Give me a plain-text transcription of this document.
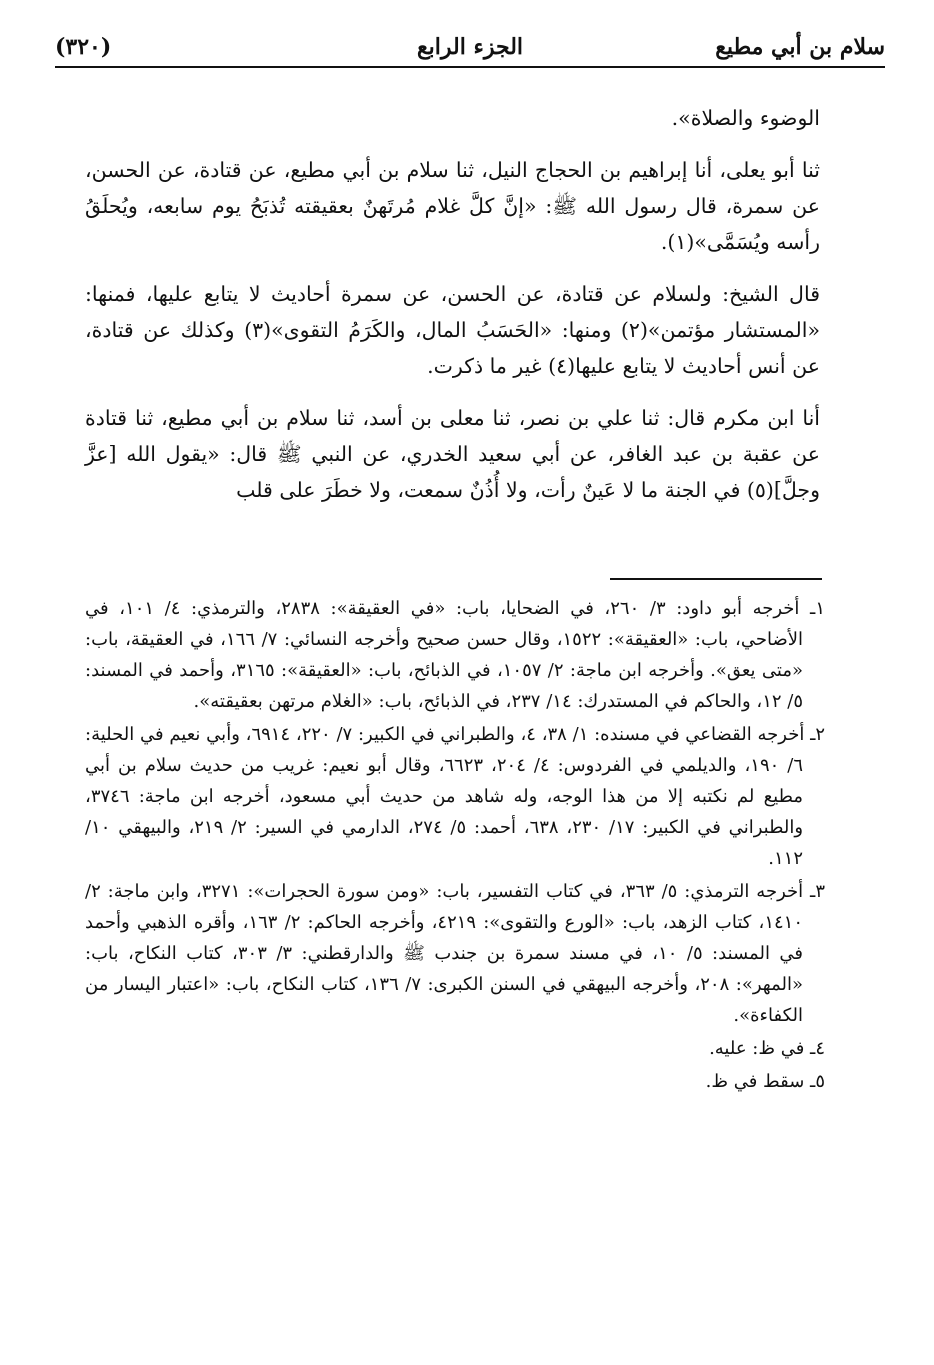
(٣٢٠)	الجزء الرابع	سلام بن أبي مطيع

الوضوء والصلاة».

ثنا أبو يعلى، أنا إبراهيم بن الحجاج النيل، ثنا سلام بن أبي مطيع، عن قتادة، عن الحسن، عن سمرة، قال رسول الله ﷺ: «إنَّ كلَّ غلام مُرتَهنٌ بعقيقته تُذبَحُ يوم سابعه، ويُحلَقُ رأسه ويُسَمَّى»(١).

قال الشيخ: ولسلام عن قتادة، عن الحسن، عن سمرة أحاديث لا يتابع عليها، فمنها: «المستشار مؤتمن»(٢) ومنها: «الحَسَبُ المال، والكَرَمُ التقوى»(٣) وكذلك عن قتادة، عن أنس أحاديث لا يتابع عليها(٤) غير ما ذكرت.

أنا ابن مكرم قال: ثنا علي بن نصر، ثنا معلى بن أسد، ثنا سلام بن أبي مطيع، ثنا قتادة عن عقبة بن عبد الغافر، عن أبي سعيد الخدري، عن النبي ﷺ قال: «يقول الله [عزَّ وجلَّ](٥) في الجنة ما لا عَينٌ رأت، ولا أُذُنٌ سمعت، ولا خطَرَ على قلب

١ـ أخرجه أبو داود: ٣/ ٢٦٠، في الضحايا، باب: «في العقيقة»: ٢٨٣٨، والترمذي: ٤/ ١٠١، في الأضاحي، باب: «العقيقة»: ١٥٢٢، وقال حسن صحيح وأخرجه النسائي: ٧/ ١٦٦، في العقيقة، باب: «متى يعق». وأخرجه ابن ماجة: ٢/ ١٠٥٧، في الذبائح، باب: «العقيقة»: ٣١٦٥، وأحمد في المسند: ٥/ ١٢، والحاكم في المستدرك: ١٤/ ٢٣٧، في الذبائح، باب: «الغلام مرتهن بعقيقته».

٢ـ أخرجه القضاعي في مسنده: ١/ ٣٨، ٤، والطبراني في الكبير: ٧/ ٢٢٠، ٦٩١٤، وأبي نعيم في الحلية: ٦/ ١٩٠، والديلمي في الفردوس: ٤/ ٢٠٤، ٦٦٢٣، وقال أبو نعيم: غريب من حديث سلام بن أبي مطيع لم نكتبه إلا من هذا الوجه، وله شاهد من حديث أبي مسعود، أخرجه ابن ماجة: ٣٧٤٦، والطبراني في الكبير: ١٧/ ٢٣٠، ٦٣٨، أحمد: ٥/ ٢٧٤، الدارمي في السير: ٢/ ٢١٩، والبيهقي ١٠/ ١١٢.

٣ـ أخرجه الترمذي: ٥/ ٣٦٣، في كتاب التفسير، باب: «ومن سورة الحجرات»: ٣٢٧١، وابن ماجة: ٢/ ١٤١٠، كتاب الزهد، باب: «الورع والتقوى»: ٤٢١٩، وأخرجه الحاكم: ٢/ ١٦٣، وأقره الذهبي وأحمد في المسند: ٥/ ١٠، في مسند سمرة بن جندب ﷺ والدارقطني: ٣/ ٣٠٣، كتاب النكاح، باب: «المهر»: ٢٠٨، وأخرجه البيهقي في السنن الكبرى: ٧/ ١٣٦، كتاب النكاح، باب: «اعتبار اليسار من الكفاءة».

٤ـ في ظ: عليه.

٥ـ سقط في ظ.
